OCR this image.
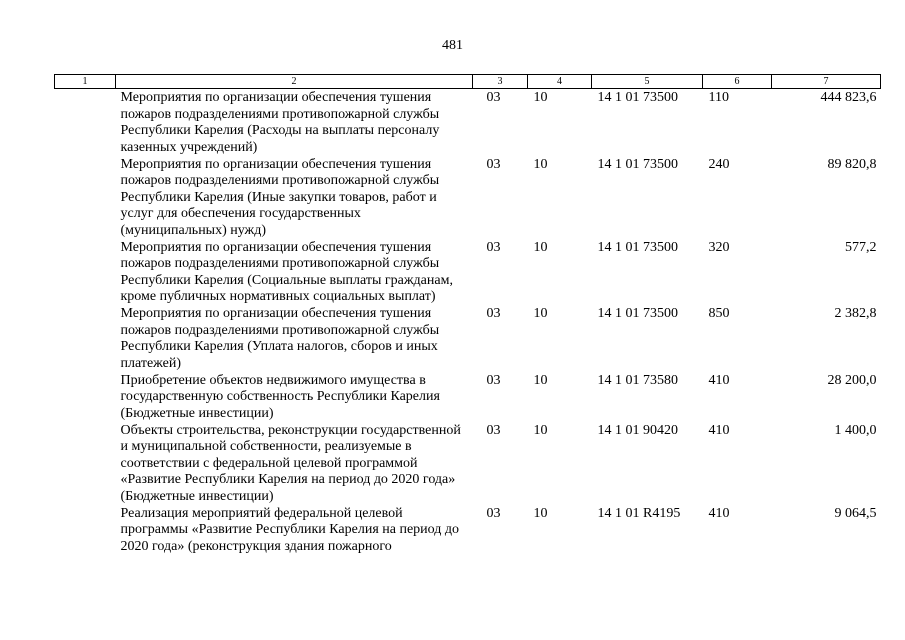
481
1	2	3	4	5	6	7
	Мероприятия по организации обеспечения тушения пожаров подразделениями противопожарной службы Республики Карелия (Расходы на выплаты персоналу казенных учреждений)	03	10	14 1 01 73500	110	444 823,6
	Мероприятия по организации обеспечения тушения пожаров подразделениями противопожарной службы Республики Карелия (Иные закупки товаров, работ и услуг для обеспечения государственных (муниципальных) нужд)	03	10	14 1 01 73500	240	89 820,8
	Мероприятия по организации обеспечения тушения пожаров подразделениями противопожарной службы Республики Карелия (Социальные выплаты гражданам, кроме публичных нормативных социальных выплат)	03	10	14 1 01 73500	320	577,2
	Мероприятия по организации обеспечения тушения пожаров подразделениями противопожарной службы Республики Карелия (Уплата налогов, сборов и иных платежей)	03	10	14 1 01 73500	850	2 382,8
	Приобретение объектов недвижимого имущества в государственную собственность Республики Карелия (Бюджетные инвестиции)	03	10	14 1 01 73580	410	28 200,0
	Объекты строительства, реконструкции государственной и муниципальной собственности, реализуемые в соответствии с федеральной целевой программой «Развитие Республики Карелия на период до 2020 года» (Бюджетные инвестиции)	03	10	14 1 01 90420	410	1 400,0
	Реализация мероприятий федеральной целевой программы «Развитие Республики Карелия на период до 2020 года» (реконструкция здания пожарного	03	10	14 1 01 R4195	410	9 064,5
